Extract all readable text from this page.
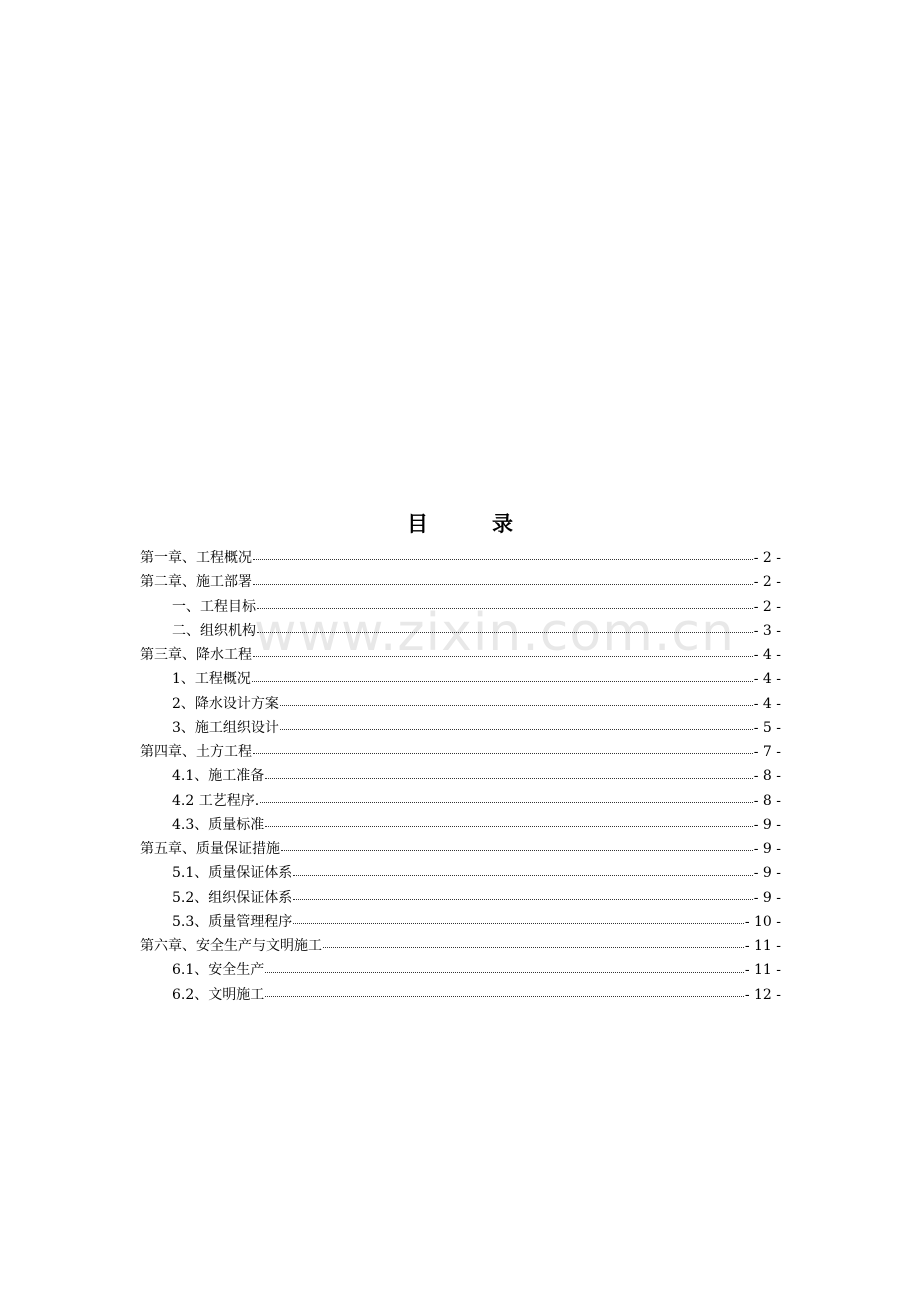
目	录
第一章、工程概况	- 2 -
第二章、施工部署	- 2 -
一、工程目标	- 2 -
二、组织机构	- 3 -
第三章、降水工程	- 4 -
1、工程概况	- 4 -
2、降水设计方案	- 4 -
3、施工组织设计	- 5 -
第四章、土方工程	- 7 -
4.1、施工准备	- 8 -
4.2 工艺程序.	- 8 -
4.3、质量标准	- 9 -
第五章、质量保证措施	- 9 -
5.1、质量保证体系	- 9 -
5.2、组织保证体系	- 9 -
5.3、质量管理程序	- 10 -
第六章、安全生产与文明施工	- 11 -
6.1、安全生产	- 11 -
6.2、文明施工	- 12 -
www.zixin.com.cn
